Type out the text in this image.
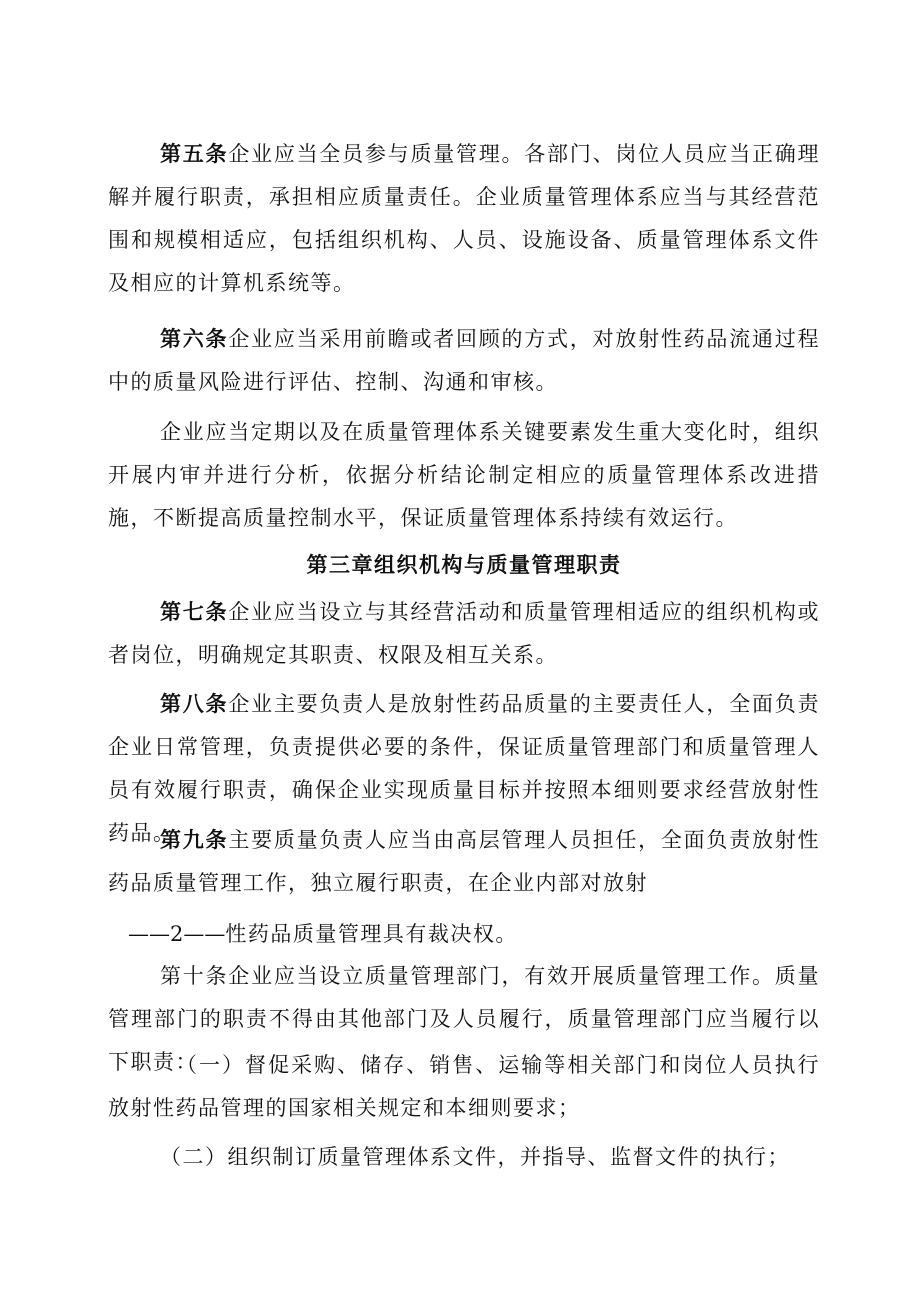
第五条企业应当全员参与质量管理。各部门、岗位人员应当正确理解并履行职责，承担相应质量责任。企业质量管理体系应当与其经营范围和规模相适应，包括组织机构、人员、设施设备、质量管理体系文件及相应的计算机系统等。

第六条企业应当采用前瞻或者回顾的方式，对放射性药品流通过程中的质量风险进行评估、控制、沟通和审核。

企业应当定期以及在质量管理体系关键要素发生重大变化时，组织开展内审并进行分析，依据分析结论制定相应的质量管理体系改进措施，不断提高质量控制水平，保证质量管理体系持续有效运行。

第三章组织机构与质量管理职责

第七条企业应当设立与其经营活动和质量管理相适应的组织机构或者岗位，明确规定其职责、权限及相互关系。

第八条企业主要负责人是放射性药品质量的主要责任人，全面负责企业日常管理，负责提供必要的条件，保证质量管理部门和质量管理人员有效履行职责，确保企业实现质量目标并按照本细则要求经营放射性药品。

第九条主要质量负责人应当由高层管理人员担任，全面负责放射性药品质量管理工作，独立履行职责，在企业内部对放射

——2——性药品质量管理具有裁决权。

第十条企业应当设立质量管理部门，有效开展质量管理工作。质量管理部门的职责不得由其他部门及人员履行，质量管理部门应当履行以下职责：

（一）督促采购、储存、销售、运输等相关部门和岗位人员执行放射性药品管理的国家相关规定和本细则要求；

（二）组织制订质量管理体系文件，并指导、监督文件的执行；
